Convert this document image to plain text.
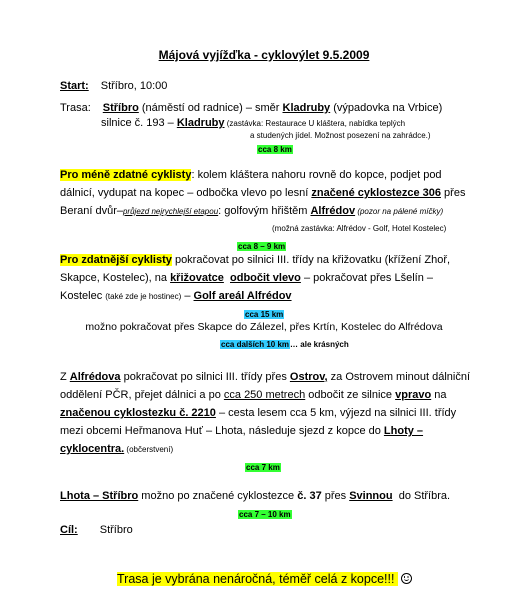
Májová vyjížďka - cyklovýlet 9.5.2009
Start: Stříbro, 10:00
Trasa: Stříbro (náměstí od radnice) – směr Kladruby (výpadovka na Vrbice)
silnice č. 193 – Kladruby (zastávka: Restaurace U kláštera, nabídka teplých
a studených jídel. Možnost posezení na zahrádce.)
cca 8 km
Pro méně zdatné cyklisty: kolem kláštera nahoru rovně do kopce, podjet pod
dálnicí, vydupat na kopec – odbočka vlevo po lesní značené cyklostezce 306 přes
Beraní dvůr–průjezd nejrychlejší etapou: golfovým hřištěm Alfrédov (pozor na pálené míčky)
(možná zastávka: Alfrédov - Golf, Hotel Kostelec)
cca 8 – 9 km
Pro zdatnější cyklisty pokračovat po silnici III. třídy na křižovatku (křížení Zhoř,
Skapce, Kostelec), na křižovatce odbočit vlevo – pokračovat přes Lšelín –
Kostelec (také zde je hostinec) – Golf areál Alfrédov
cca 15 km
možno pokračovat přes Skapce do Zálezel, přes Krtín, Kostelec do Alfrédova
cca dalších 10 km… ale krásných
Z Alfrédova pokračovat po silnici III. třídy přes Ostrov, za Ostrovem minout dálniční
oddělení PČR, přejet dálnici a po cca 250 metrech odbočit ze silnice vpravo na
značenou cyklostezku č. 2210 – cesta lesem cca 5 km, výjezd na silnici III. třídy
mezi obcemi Heřmanova Huť – Lhota, následuje sjezd z kopce do Lhoty –
cyklocentra. (občerstvení)
cca 7 km
Lhota – Stříbro možno po značené cyklostezce č. 37 přes Svinnou  do Stříbra.
cca 7 – 10 km
Cíl: Stříbro
Trasa je vybrána nenáročná, téměř celá z kopce!!!
